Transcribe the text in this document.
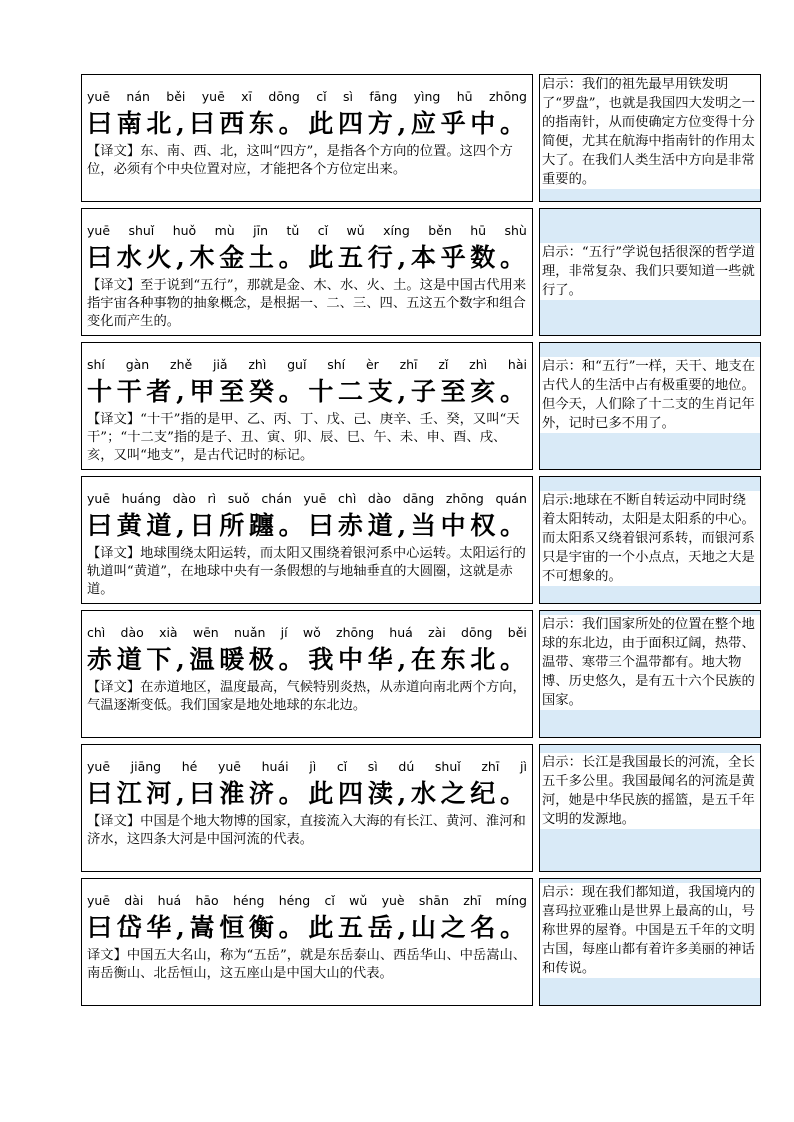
yuē nán běi yuē xī dōng cǐ sì fāng yìng hū zhōng
曰南北,曰西东。此四方,应乎中。
【译文】东、南、西、北，这叫“四方”，是指各个方向的位置。这四个方位，必须有个中央位置对应，才能把各个方位定出来。
启示：我们的祖先最早用铁发明了“罗盘”，也就是我国四大发明之一的指南针，从而使确定方位变得十分简便，尤其在航海中指南针的作用太大了。在我们人类生活中方向是非常重要的。
yuē shuǐ huǒ mù jīn tǔ cǐ wǔ xíng běn hū shù
曰水火,木金土。此五行,本乎数。
【译文】至于说到“五行”，那就是金、木、水、火、土。这是中国古代用来指宇宙各种事物的抽象概念，是根据一、二、三、四、五这五个数字和组合变化而产生的。
启示：“五行”学说包括很深的哲学道理，非常复杂、我们只要知道一些就行了。
shí gàn zhě jiǎ zhì guǐ shí èr zhī zǐ zhì hài
十干者,甲至癸。十二支,子至亥。
【译文】“十干”指的是甲、乙、丙、丁、戊、己、庚辛、壬、癸，又叫“天干”；“十二支”指的是子、丑、寅、卯、辰、巳、午、未、申、酉、戌、亥，又叫“地支”，是古代记时的标记。
启示：和“五行”一样，天干、地支在古代人的生活中占有极重要的地位。但今天，人们除了十二支的生肖记年外，记时已多不用了。
yuē huáng dào rì suǒ chán yuē chì dào dāng zhōng quán
曰黄道,日所躔。曰赤道,当中权。
【译文】地球围绕太阳运转，而太阳又围绕着银河系中心运转。太阳运行的轨道叫“黄道”，在地球中央有一条假想的与地轴垂直的大圆圈，这就是赤道。
启示:地球在不断自转运动中同时绕着太阳转动，太阳是太阳系的中心。而太阳系又绕着银河系转，而银河系只是宇宙的一个小点点，天地之大是不可想象的。
chì dào xià wēn nuǎn jí wǒ zhōng huá zài dōng běi
赤道下,温暖极。我中华,在东北。
【译文】在赤道地区，温度最高，气候特别炎热，从赤道向南北两个方向，气温逐渐变低。我们国家是地处地球的东北边。
启示：我们国家所处的位置在整个地球的东北边，由于面积辽阔，热带、温带、寒带三个温带都有。地大物博、历史悠久，是有五十六个民族的国家。
yuē jiāng hé yuē huái jì cǐ sì dú shuǐ zhī jì
曰江河,曰淮济。此四渎,水之纪。
【译文】中国是个地大物博的国家，直接流入大海的有长江、黄河、淮河和济水，这四条大河是中国河流的代表。
启示：长江是我国最长的河流，全长五千多公里。我国最闻名的河流是黄河，她是中华民族的摇篮，是五千年文明的发源地。
yuē dài huá hāo héng héng cǐ wǔ yuè shān zhī míng
曰岱华,嵩恒衡。此五岳,山之名。
译文】中国五大名山，称为“五岳”，就是东岳泰山、西岳华山、中岳嵩山、南岳衡山、北岳恒山，这五座山是中国大山的代表。
启示：现在我们都知道，我国境内的喜玛拉亚雅山是世界上最高的山，号称世界的屋脊。中国是五千年的文明古国，每座山都有着许多美丽的神话和传说。
